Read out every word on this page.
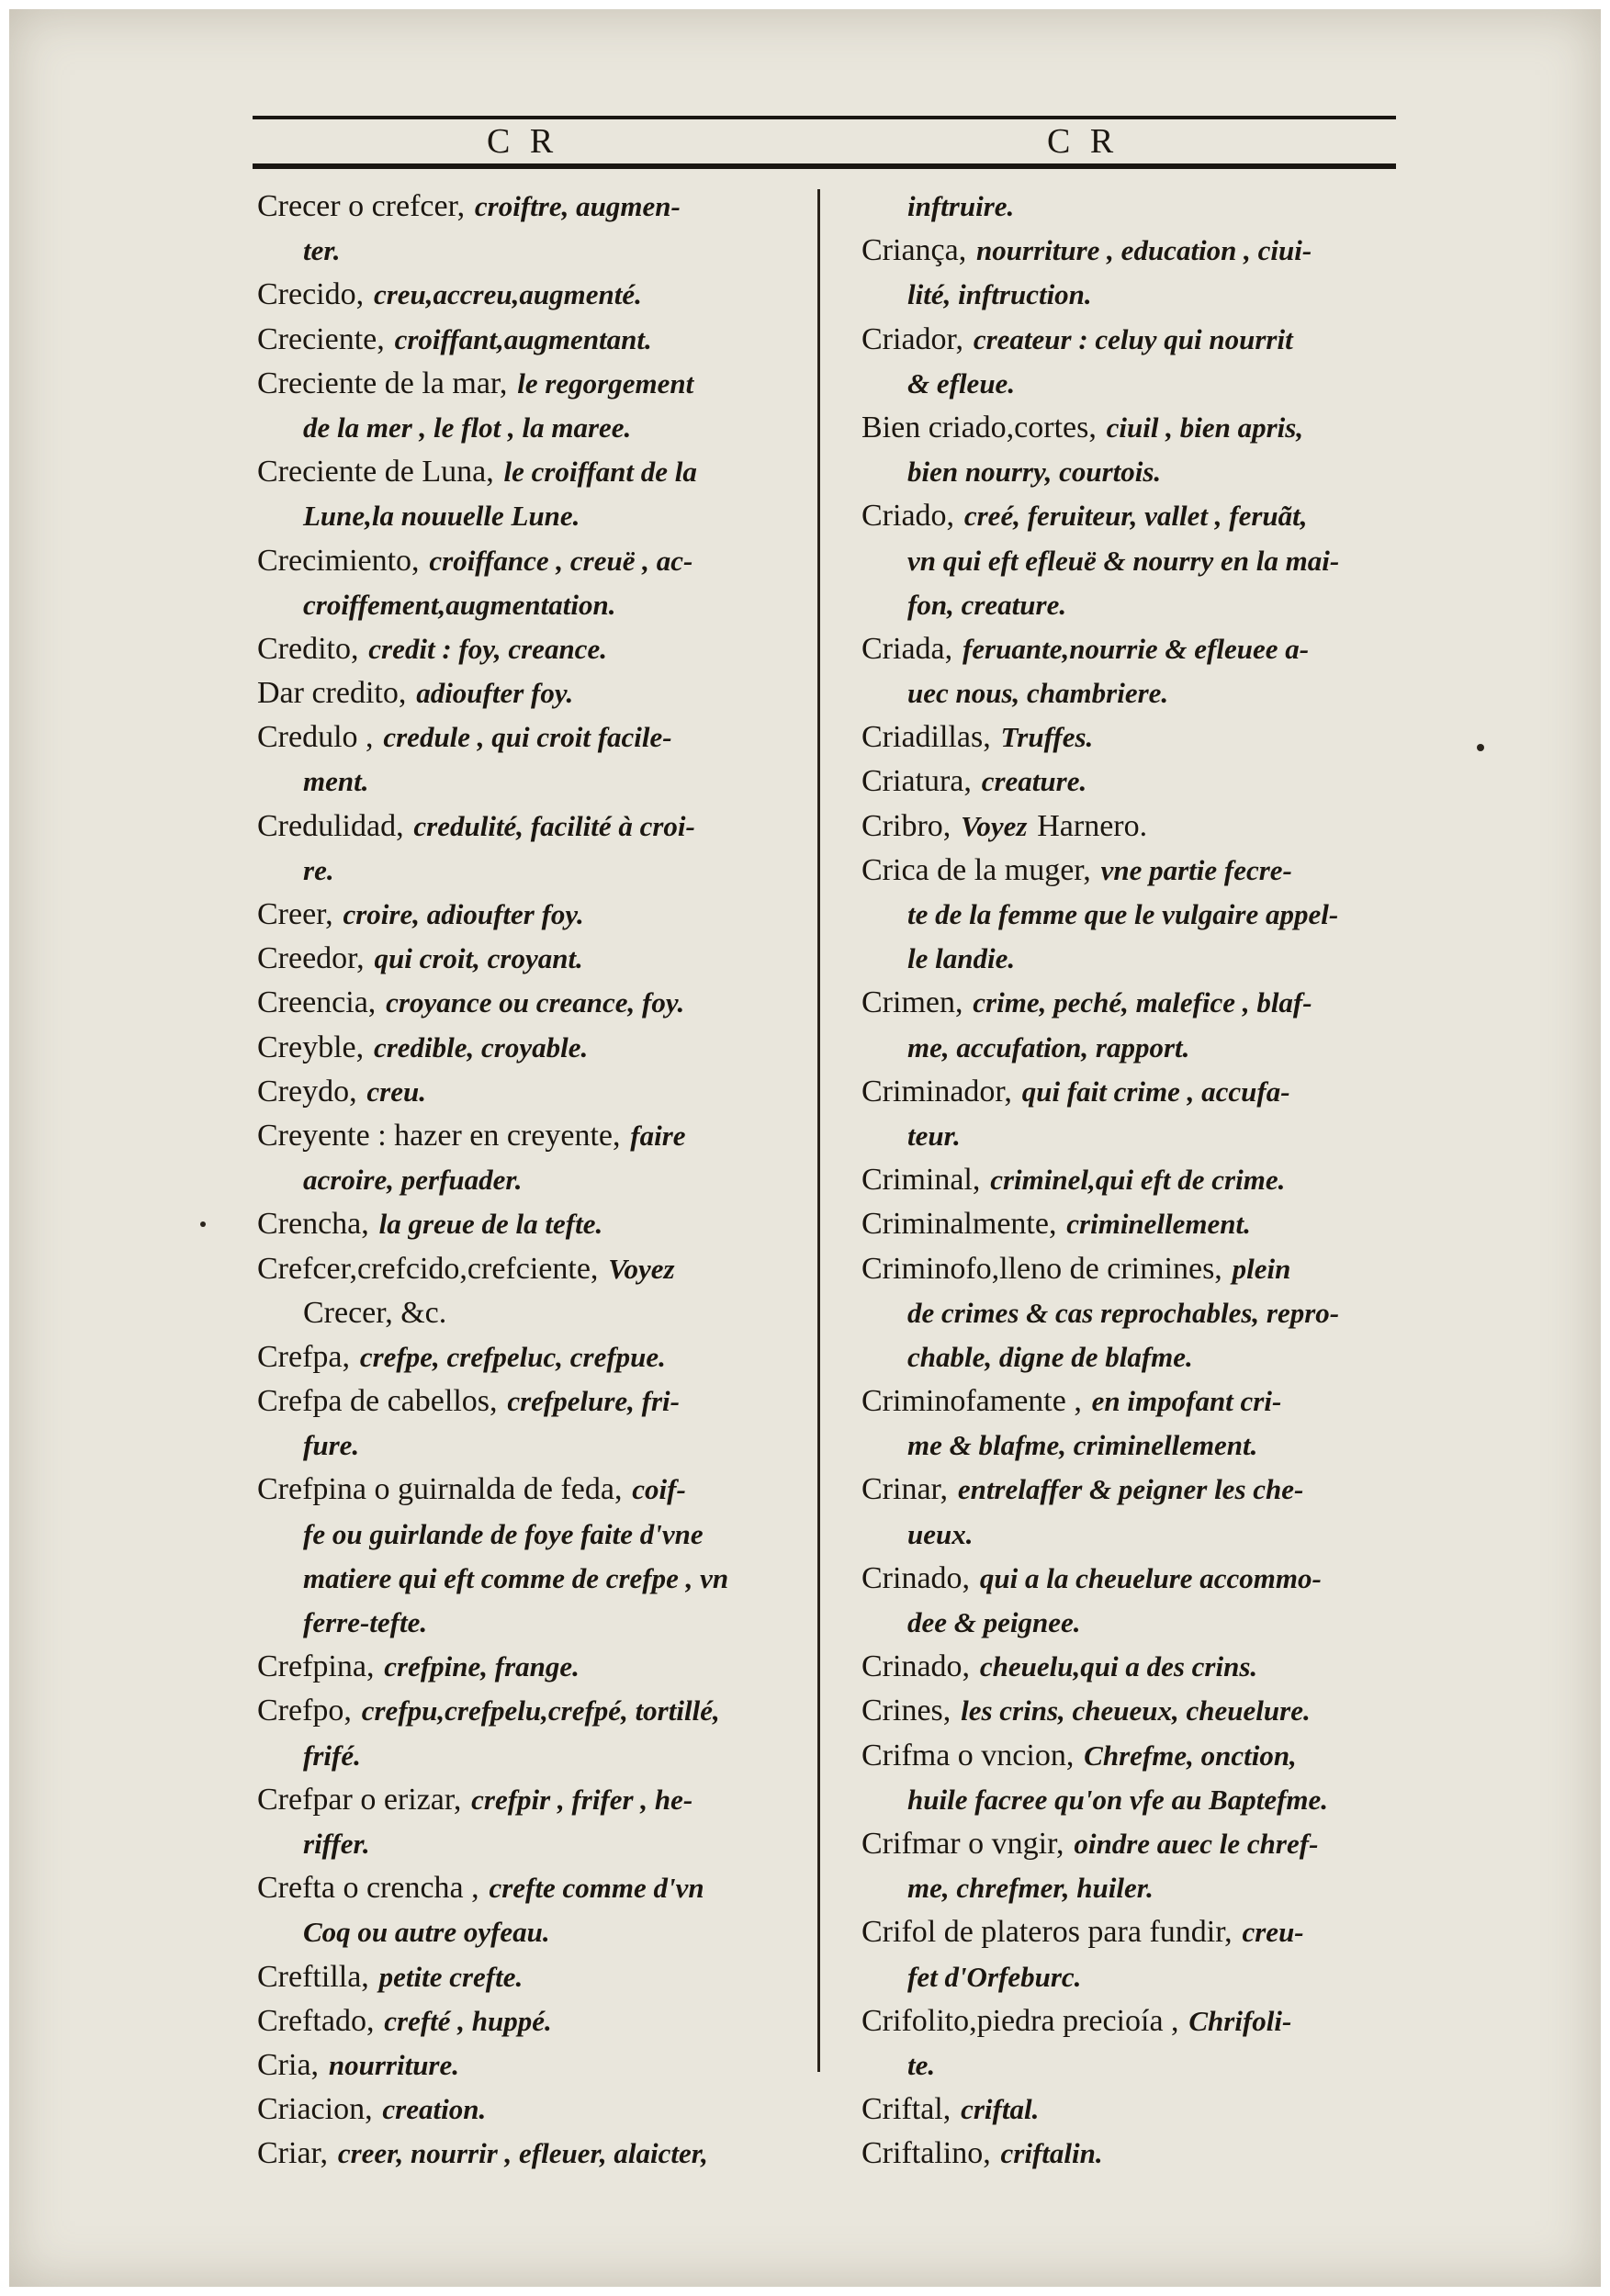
C R	C R
Crecer o crefcer, croiftre, augmen-
ter.
Crecido, creu,accreu,augmenté.
Creciente, croiffant,augmentant.
Creciente de la mar, le regorgement
de la mer , le flot , la maree.
Creciente de Luna, le croiffant de la
Lune,la nouuelle Lune.
Crecimiento, croiffance , creuë , ac-
croiffement,augmentation.
Credito, credit : foy, creance.
Dar credito, adioufter foy.
Credulo , credule , qui croit facile-
ment.
Credulidad, credulité, facilité à croi-
re.
Creer, croire, adioufter foy.
Creedor, qui croit, croyant.
Creencia, croyance ou creance, foy.
Creyble, credible, croyable.
Creydo, creu.
Creyente : hazer en creyente, faire
acroire, perfuader.
Crencha, la greue de la tefte.
Crefcer,crefcido,crefciente, Voyez
Crecer, &c.
Crefpa, crefpe, crefpeluc, crefpue.
Crefpa de cabellos, crefpelure, fri-
fure.
Crefpina o guirnalda de feda, coif-
fe ou guirlande de foye faite d'vne
matiere qui eft comme de crefpe , vn
ferre-tefte.
Crefpina, crefpine, frange.
Crefpo, crefpu,crefpelu,crefpé, tortillé,
frifé.
Crefpar o erizar, crefpir , frifer , he-
riffer.
Crefta o crencha , crefte comme d'vn
Coq ou autre oyfeau.
Creftilla, petite crefte.
Creftado, crefté , huppé.
Cria, nourriture.
Criacion, creation.
Criar, creer, nourrir , efleuer, alaicter,
inftruire.
Criança, nourriture , education , ciui-
lité, inftruction.
Criador, createur : celuy qui nourrit
& efleue.
Bien criado,cortes, ciuil , bien apris,
bien nourry, courtois.
Criado, creé, feruiteur, vallet , feruãt,
vn qui eft efleuë & nourry en la mai-
fon, creature.
Criada, feruante,nourrie & efleuee a-
uec nous, chambriere.
Criadillas, Truffes.
Criatura, creature.
Cribro, Voyez Harnero.
Crica de la muger, vne partie fecre-
te de la femme que le vulgaire appel-
le landie.
Crimen, crime, peché, malefice , blaf-
me, accufation, rapport.
Criminador, qui fait crime , accufa-
teur.
Criminal, criminel,qui eft de crime.
Criminalmente, criminellement.
Criminofo,lleno de crimines, plein
de crimes & cas reprochables, repro-
chable, digne de blafme.
Criminofamente , en impofant cri-
me & blafme, criminellement.
Crinar, entrelaffer & peigner les che-
ueux.
Crinado, qui a la cheuelure accommo-
dee & peignee.
Crinado, cheuelu,qui a des crins.
Crines, les crins, cheueux, cheuelure.
Crifma o vncion, Chrefme, onction,
huile facree qu'on vfe au Baptefme.
Crifmar o vngir, oindre auec le chref-
me, chrefmer, huiler.
Crifol de plateros para fundir, creu-
fet d'Orfeburc.
Crifolito,piedra precioía , Chrifoli-
te.
Criftal, criftal.
Criftalino, criftalin.
